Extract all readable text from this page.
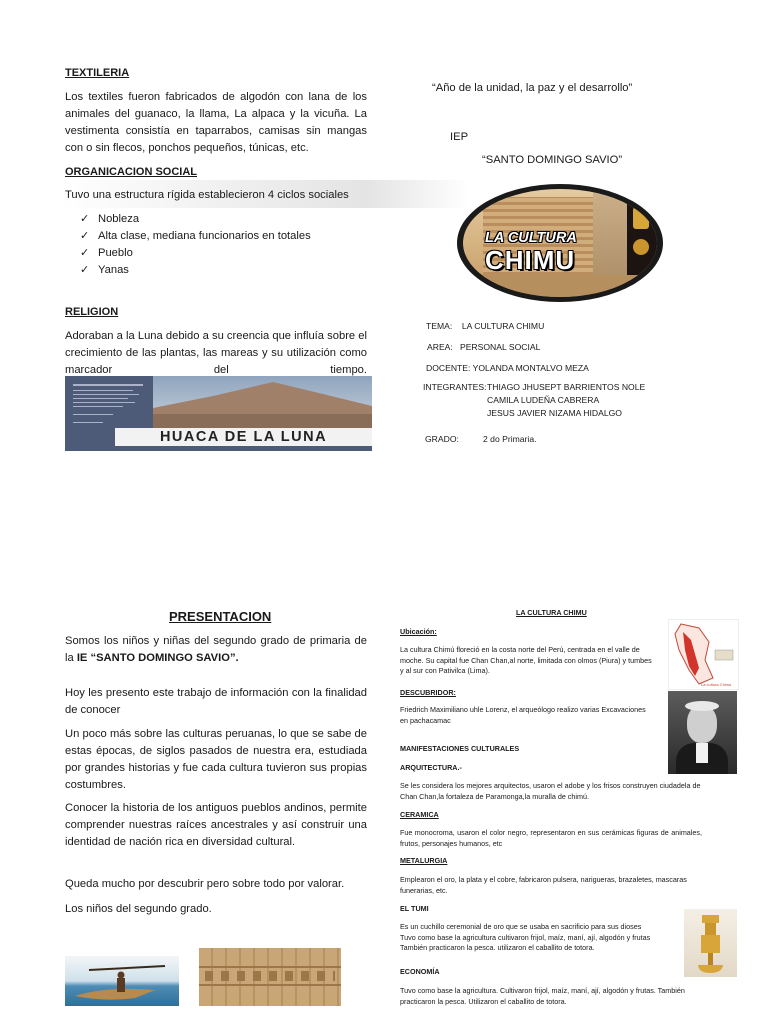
TEXTILERIA
Los textiles fueron fabricados de algodón con lana de los animales del guanaco, la llama, La alpaca y la vicuña. La vestimenta consistía en taparrabos, camisas sin mangas con o sin flecos, ponchos pequeños, túnicas, etc.
ORGANICACION SOCIAL
Tuvo una estructura rígida establecieron 4 ciclos sociales
✓ Nobleza
✓ Alta clase, mediana funcionarios en totales
✓ Pueblo
✓ Yanas
RELIGION
Adoraban a la Luna debido a su creencia que influía sobre el crecimiento de las plantas, las mareas y su utilización como marcador del tiempo.
HUACA DE LA LUNA
“Año de la unidad, la paz y el desarrollo”
IEP
“SANTO DOMINGO SAVIO”
LA CULTURA
CHIMU
TEMA: LA CULTURA CHIMU
AREA: PERSONAL SOCIAL
DOCENTE: YOLANDA MONTALVO MEZA
INTEGRANTES: THIAGO JHUSEPT BARRIENTOS NOLE
CAMILA LUDEÑA CABRERA
JESUS JAVIER NIZAMA HIDALGO
GRADO:	2 do Primaria.
PRESENTACION
Somos los niños y niñas del segundo grado de primaria de la IE “SANTO DOMINGO SAVIO”.
Hoy les presento este trabajo de información con la finalidad de conocer
Un poco más sobre las culturas peruanas, lo que se sabe de estas épocas, de siglos pasados de nuestra era, estudiada por grandes historias y fue cada cultura tuvieron sus propias costumbres.
Conocer la historia de los antiguos pueblos andinos, permite comprender nuestras raíces ancestrales y así construir una identidad de nación rica en diversidad cultural.
Queda mucho por descubrir pero sobre todo por valorar.
Los niños del segundo grado.
LA CULTURA CHIMU
Ubicación:
La cultura Chimú floreció en la costa norte del Perú, centrada en el valle de moche. Su capital fue Chan Chan,al norte, limitada con olmos (Piura) y tumbes y al sur con Pativilca (Lima).
La cultura Chimú
DESCUBRIDOR:
Friedrich Maximiliano uhle Lorenz, el arqueólogo realizo varias Excavaciones en pachacamac
MANIFESTACIONES CULTURALES
ARQUITECTURA.-
Se les considera los mejores arquitectos, usaron el adobe y los frisos construyen ciudadela de Chan Chan,la fortaleza de Paramonga,la muralla de chimú.
CERAMICA
Fue monocroma, usaron el color negro, representaron en sus cerámicas figuras de animales, frutos, personajes humanos, etc
METALURGIA
Emplearon el oro, la plata y el cobre, fabricaron pulsera, narigueras, brazaletes, mascaras funerarias, etc.
EL TUMI
Es un cuchillo ceremonial de oro que se usaba en sacrificio para sus dioses
Tuvo como base la agricultura cultivaron frijol, maíz, maní, ají, algodón y frutas
También practicaron la pesca. utilizaron el caballito de totora.
ECONOMÍA
Tuvo como base la agricultura. Cultivaron frijol, maíz, maní, ají, algodón y frutas. También practicaron la pesca. Utilizaron el caballito de totora.
